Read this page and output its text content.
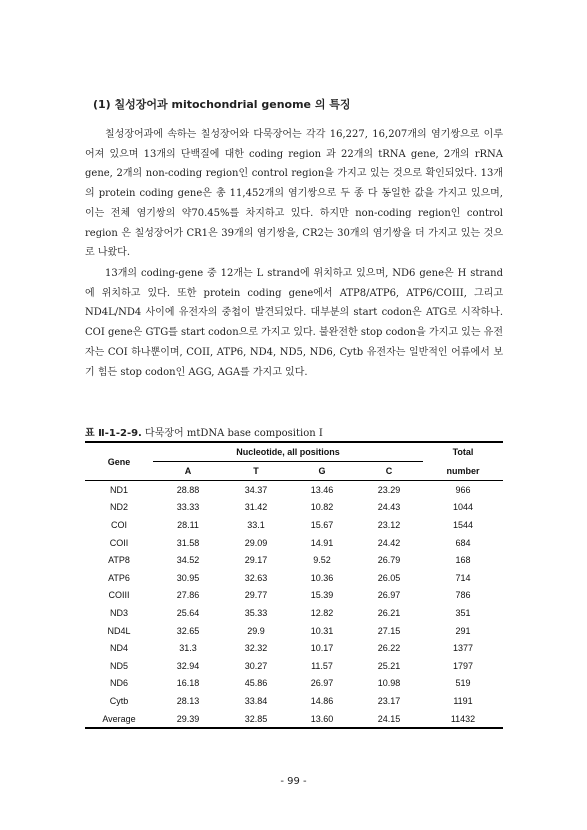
(1) 칠성장어과 mitochondrial genome 의 특징

칠성장어과에 속하는 칠성장어와 다묵장어는 각각 16,227, 16,207개의 염기쌍으로 이루어져 있으며 13개의 단백질에 대한 coding region 과 22개의 tRNA gene, 2개의 rRNA gene, 2개의 non-coding region인 control region을 가지고 있는 것으로 확인되었다. 13개의 protein coding gene은 총 11,452개의 염기쌍으로 두 종 다 동일한 값을 가지고 있으며, 이는 전체 염기쌍의 약70.45%를 차지하고 있다. 하지만 non-coding region인 control region 은 칠성장어가 CR1은 39개의 염기쌍을, CR2는 30개의 염기쌍을 더 가지고 있는 것으로 나왔다.

13개의 coding-gene 중 12개는 L strand에 위치하고 있으며, ND6 gene은 H strand에 위치하고 있다. 또한 protein coding gene에서 ATP8/ATP6, ATP6/COIII, 그리고 ND4L/ND4 사이에 유전자의 중첩이 발견되었다. 대부분의 start codon은 ATG로 시작하나. COI gene은 GTG를 start codon으로 가지고 있다. 불완전한 stop codon을 가지고 있는 유전자는 COI 하나뿐이며, COII, ATP6, ND4, ND5, ND6, Cytb 유전자는 일반적인 어류에서 보기 힘든 stop codon인 AGG, AGA를 가지고 있다.

표 Ⅱ-1-2-9. 다묵장어 mtDNA base composition Ⅰ
Gene	Nucleotide, all positions				Total
	A	T	G	C	number
ND1	28.88	34.37	13.46	23.29	966
ND2	33.33	31.42	10.82	24.43	1044
COI	28.11	33.1	15.67	23.12	1544
COII	31.58	29.09	14.91	24.42	684
ATP8	34.52	29.17	9.52	26.79	168
ATP6	30.95	32.63	10.36	26.05	714
COIII	27.86	29.77	15.39	26.97	786
ND3	25.64	35.33	12.82	26.21	351
ND4L	32.65	29.9	10.31	27.15	291
ND4	31.3	32.32	10.17	26.22	1377
ND5	32.94	30.27	11.57	25.21	1797
ND6	16.18	45.86	26.97	10.98	519
Cytb	28.13	33.84	14.86	23.17	1191
Average	29.39	32.85	13.60	24.15	11432
- 99 -
